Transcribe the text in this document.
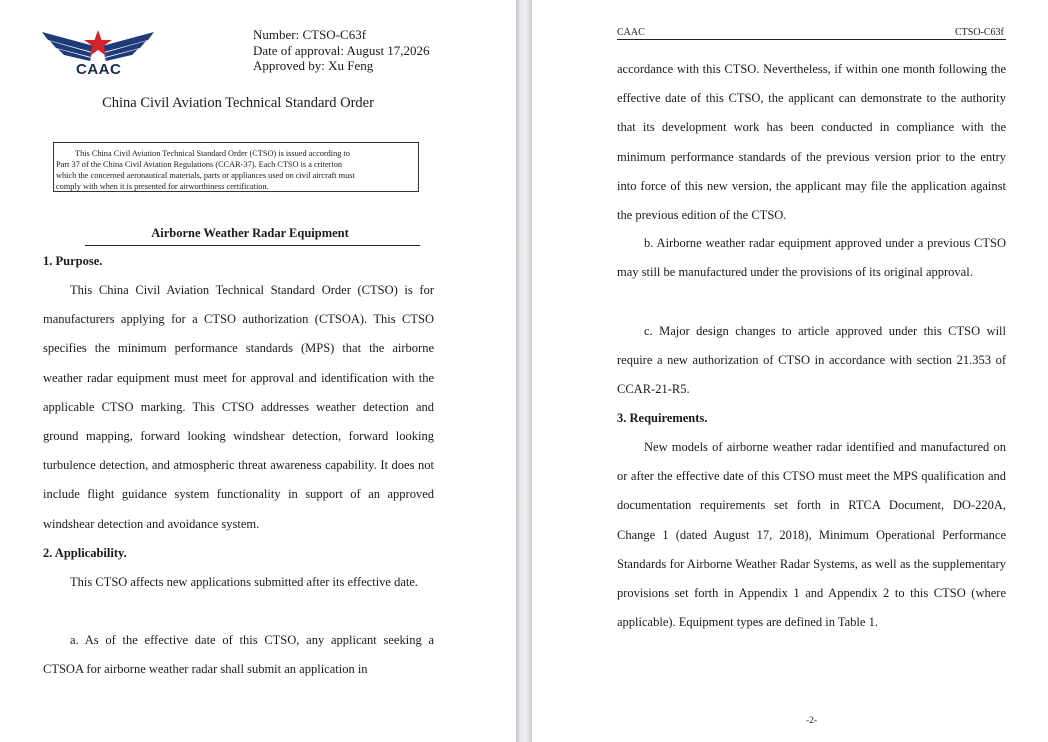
CAAC
Number: CTSO-C63f
Date of approval: August 17,2026
Approved by: Xu Feng
China Civil Aviation Technical Standard Order
This China Civil Aviation Technical Standard Order (CTSO) is issued according to
Part 37 of the China Civil Aviation Regulations (CCAR-37). Each CTSO is a criterion
which the concerned aeronautical materials, parts or appliances used on civil aircraft must
comply with when it is presented for airworthiness certification.
Airborne Weather Radar Equipment
1. Purpose.
This China Civil Aviation Technical Standard Order (CTSO) is for manufacturers applying for a CTSO authorization (CTSOA). This CTSO specifies the minimum performance standards (MPS) that the airborne weather radar equipment must meet for approval and identification with the applicable CTSO marking. This CTSO addresses weather detection and ground mapping, forward looking windshear detection, forward looking turbulence detection, and atmospheric threat awareness capability. It does not include flight guidance system functionality in support of an approved windshear detection and avoidance system.
2. Applicability.
This CTSO affects new applications submitted after its effective date.
a. As of the effective date of this CTSO, any applicant seeking a CTSOA for airborne weather radar shall submit an application in
CAAC	CTSO-C63f
accordance with this CTSO. Nevertheless, if within one month following the effective date of this CTSO, the applicant can demonstrate to the authority that its development work has been conducted in compliance with the minimum performance standards of the previous version prior to the entry into force of this new version, the applicant may file the application against the previous edition of the CTSO.
b. Airborne weather radar equipment approved under a previous CTSO may still be manufactured under the provisions of its original approval.
c. Major design changes to article approved under this CTSO will require a new authorization of CTSO in accordance with section 21.353 of CCAR-21-R5.
3. Requirements.
New models of airborne weather radar identified and manufactured on or after the effective date of this CTSO must meet the MPS qualification and documentation requirements set forth in RTCA Document, DO-220A, Change 1 (dated August 17, 2018), Minimum Operational Performance Standards for Airborne Weather Radar Systems, as well as the supplementary provisions set forth in Appendix 1 and Appendix 2 to this CTSO (where applicable). Equipment types are defined in Table 1.
-2-
